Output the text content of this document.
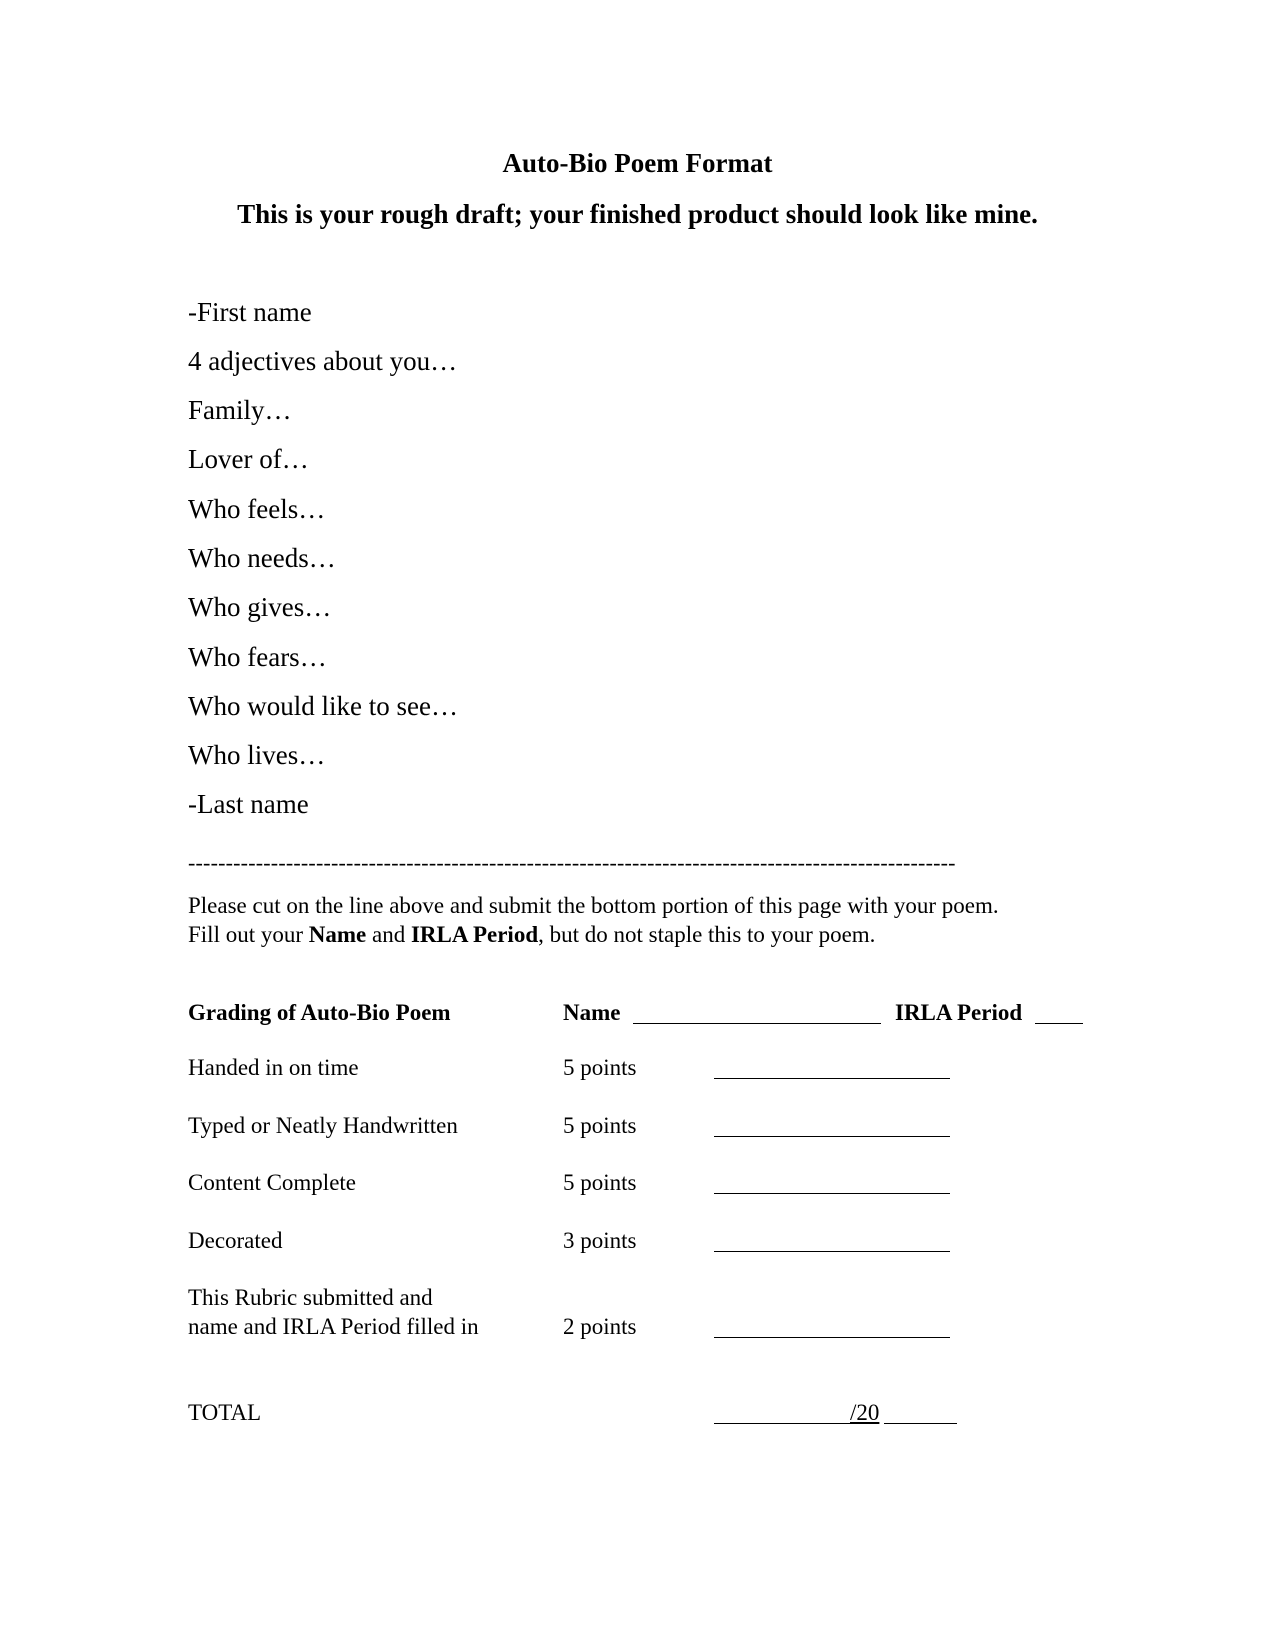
Auto-Bio Poem Format
This is your rough draft; your finished product should look like mine.
-First name
4 adjectives about you…
Family…
Lover of…
Who feels…
Who needs…
Who gives…
Who fears…
Who would like to see…
Who lives…
-Last name
------------------------------------------------------------------------------------------------------
Please cut on the line above and submit the bottom portion of this page with your poem.
Fill out your Name and IRLA Period, but do not staple this to your poem.
Grading of Auto-Bio Poem	Name	IRLA Period
Handed in on time	5 points
Typed or Neatly Handwritten	5 points
Content Complete	5 points
Decorated	3 points
This Rubric submitted and
name and IRLA Period filled in	2 points
TOTAL	/20
